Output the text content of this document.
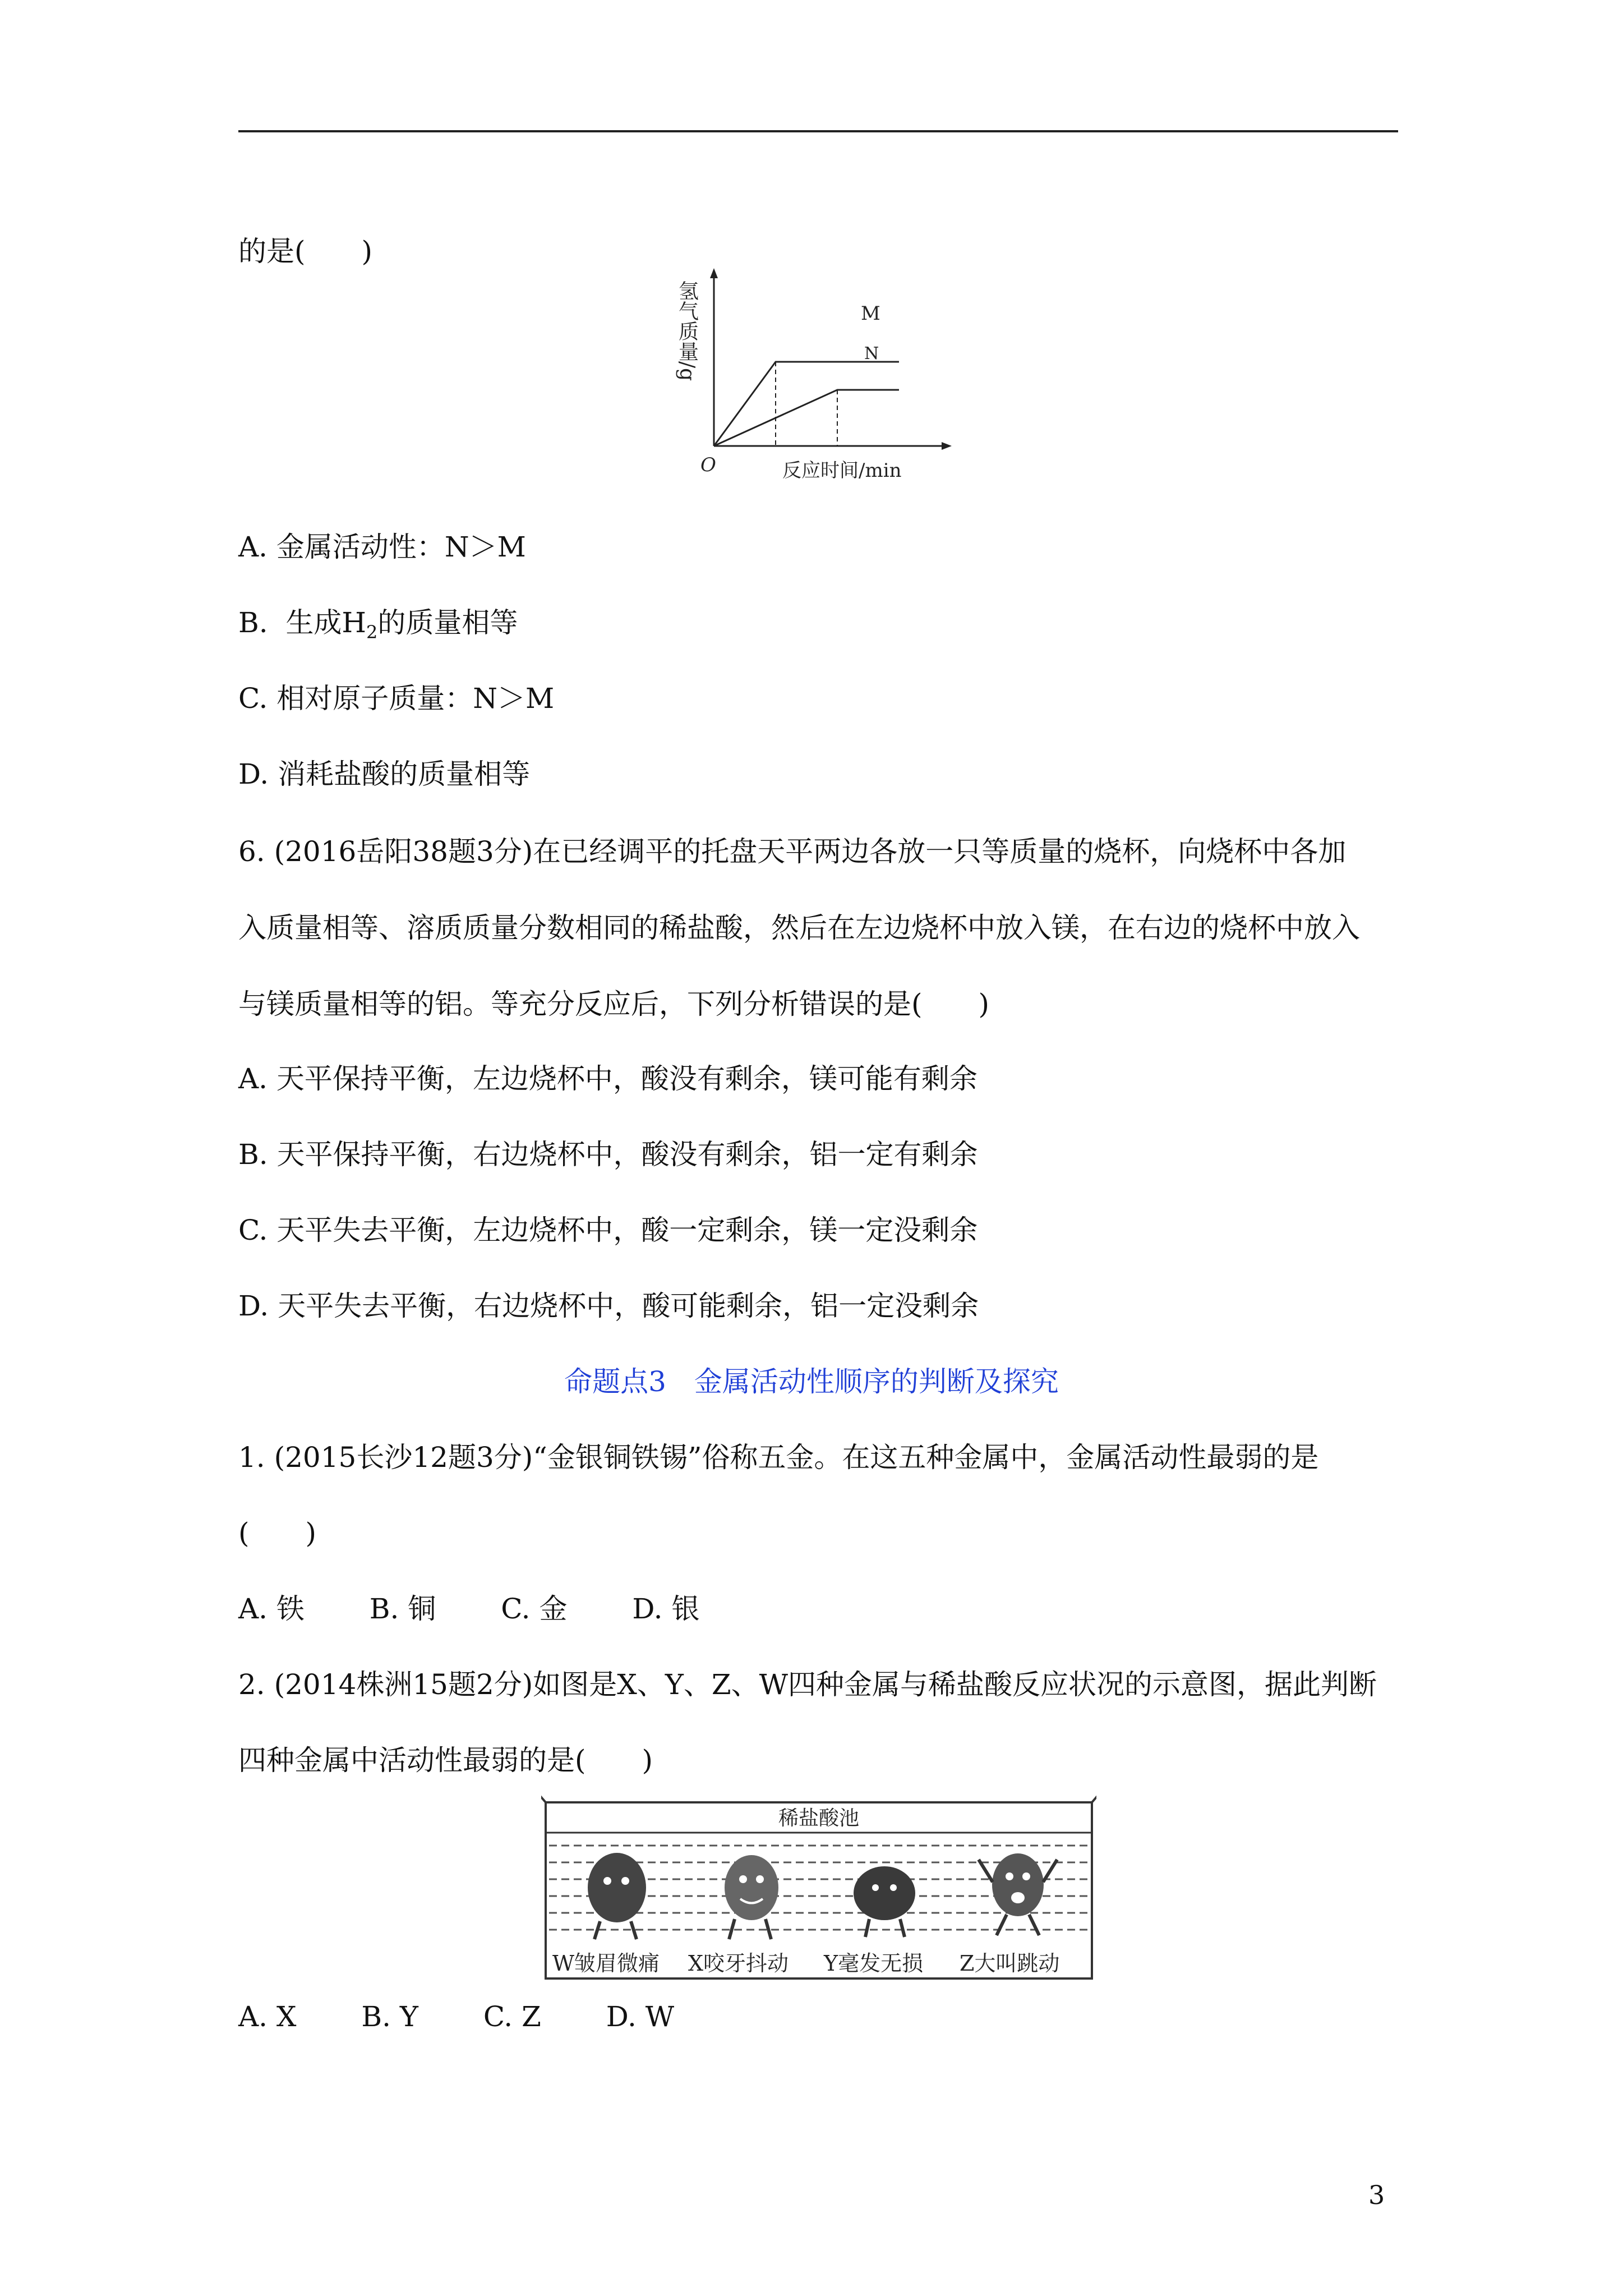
的是(　　)
氢气质量/g
O	反应时间/min
M
N
A. 金属活动性：N＞M
B. 生成$H_2$的质量相等
C. 相对原子质量：N＞M
D. 消耗盐酸的质量相等
6. (2016岳阳38题3分)在已经调平的托盘天平两边各放一只等质量的烧杯，向烧杯中各加
入质量相等、溶质质量分数相同的稀盐酸，然后在左边烧杯中放入镁，在右边的烧杯中放入
与镁质量相等的铝。等充分反应后，下列分析错误的是(　　)
A. 天平保持平衡，左边烧杯中，酸没有剩余，镁可能有剩余
B. 天平保持平衡，右边烧杯中，酸没有剩余，铝一定有剩余
C. 天平失去平衡，左边烧杯中，酸一定剩余，镁一定没剩余
D. 天平失去平衡，右边烧杯中，酸可能剩余，铝一定没剩余
命题点3　金属活动性顺序的判断及探究
1. (2015长沙12题3分)“金银铜铁锡”俗称五金。在这五种金属中，金属活动性最弱的是
(　　)
A. 铁　　 B. 铜　　 C. 金　　 D. 银
2. (2014株洲15题2分)如图是X、Y、Z、W四种金属与稀盐酸反应状况的示意图，据此判断
四种金属中活动性最弱的是(　　)
稀盐酸池
W皱眉微痛 X咬牙抖动 Y毫发无损 Z大叫跳动
A. X　　 B. Y　　 C. Z　　 D. W
3
